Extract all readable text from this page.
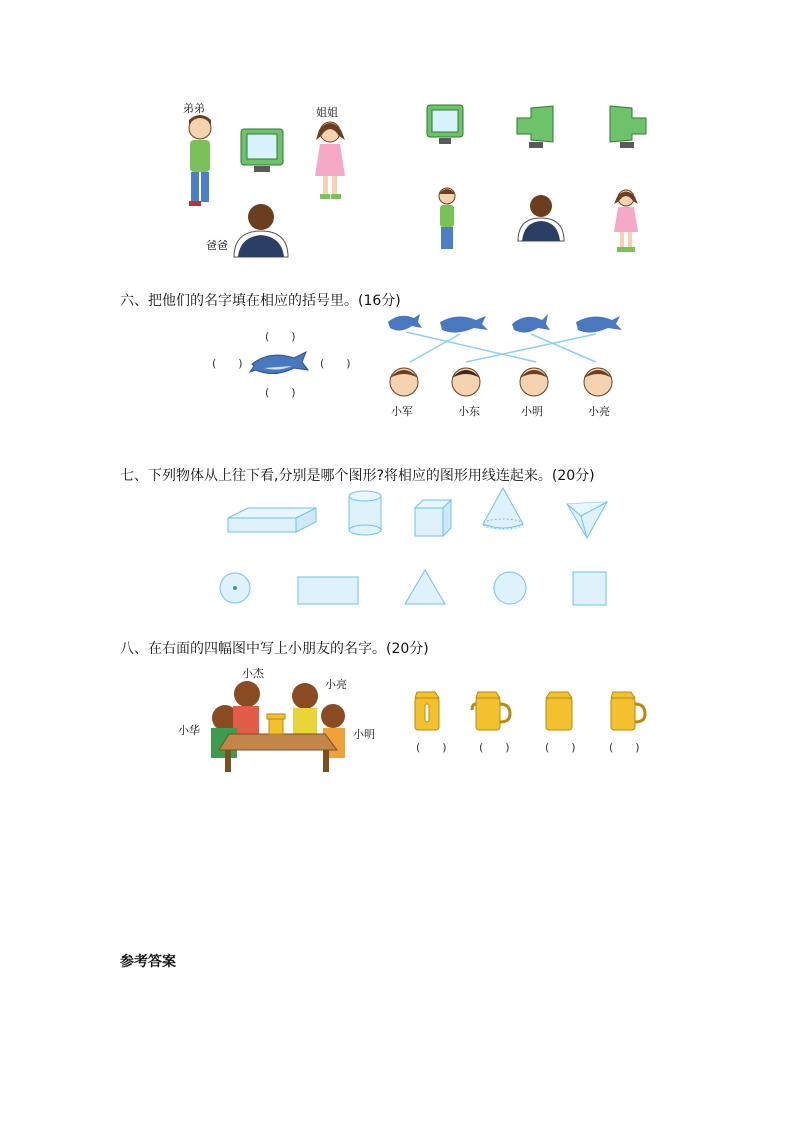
弟弟	姐姐
爸爸
六、把他们的名字填在相应的括号里。(16分)
(　　)
(　　)	(　　)
(　　)
小军	小东	小明	小亮
七、下列物体从上往下看,分别是哪个图形?将相应的图形用线连起来。(20分)
八、在右面的四幅图中写上小朋友的名字。(20分)
小杰
小亮
小华	小明
(　　)	(　　)	(　　)	(　　)
参考答案
